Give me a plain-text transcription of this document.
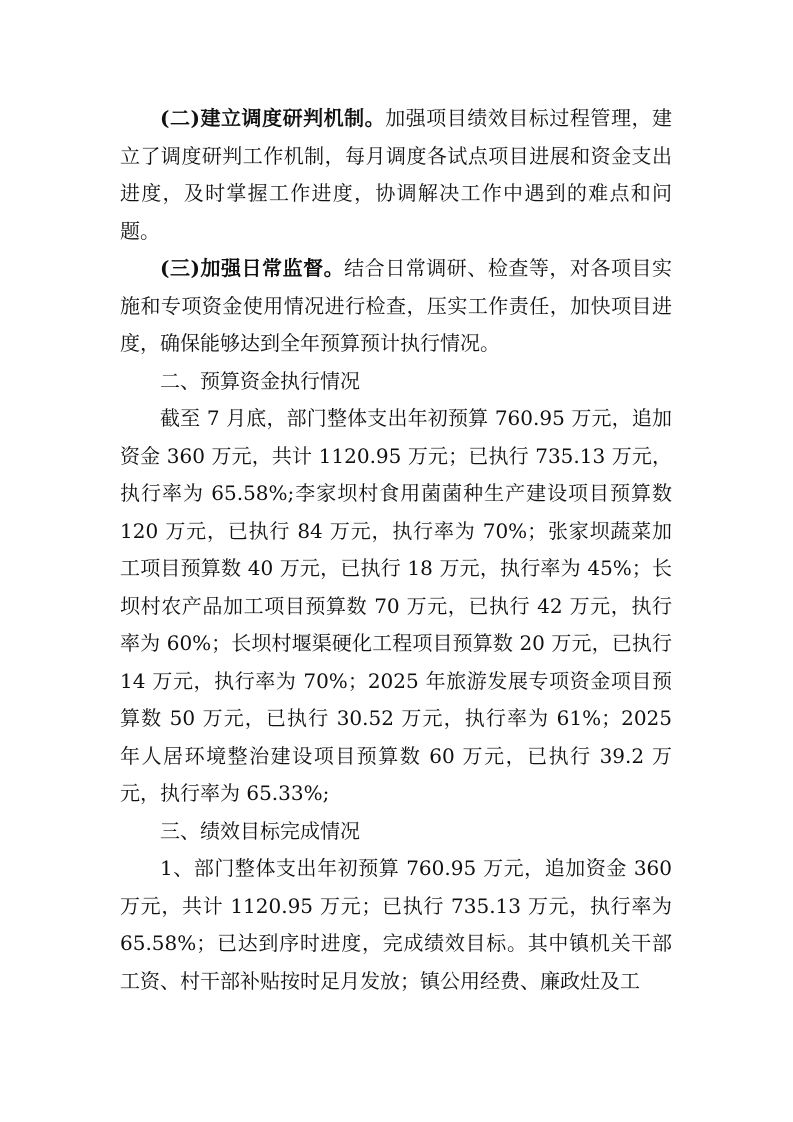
(二)建立调度研判机制。加强项目绩效目标过程管理，建立了调度研判工作机制，每月调度各试点项目进展和资金支出进度，及时掌握工作进度，协调解决工作中遇到的难点和问题。

(三)加强日常监督。结合日常调研、检查等，对各项目实施和专项资金使用情况进行检查，压实工作责任，加快项目进度，确保能够达到全年预算预计执行情况。

二、预算资金执行情况

截至 7 月底，部门整体支出年初预算 760.95 万元，追加资金 360 万元，共计 1120.95 万元；已执行 735.13 万元，执行率为 65.58%;李家坝村食用菌菌种生产建设项目预算数 120 万元，已执行 84 万元，执行率为 70%；张家坝蔬菜加工项目预算数 40 万元，已执行 18 万元，执行率为 45%；长坝村农产品加工项目预算数 70 万元，已执行 42 万元，执行率为 60%；长坝村堰渠硬化工程项目预算数 20 万元，已执行 14 万元，执行率为 70%；2025 年旅游发展专项资金项目预算数 50 万元，已执行 30.52 万元，执行率为 61%；2025 年人居环境整治建设项目预算数 60 万元，已执行 39.2 万元，执行率为 65.33%;

三、绩效目标完成情况

1、部门整体支出年初预算 760.95 万元，追加资金 360 万元，共计 1120.95 万元；已执行 735.13 万元，执行率为 65.58%；已达到序时进度，完成绩效目标。其中镇机关干部工资、村干部补贴按时足月发放；镇公用经费、廉政灶及工
